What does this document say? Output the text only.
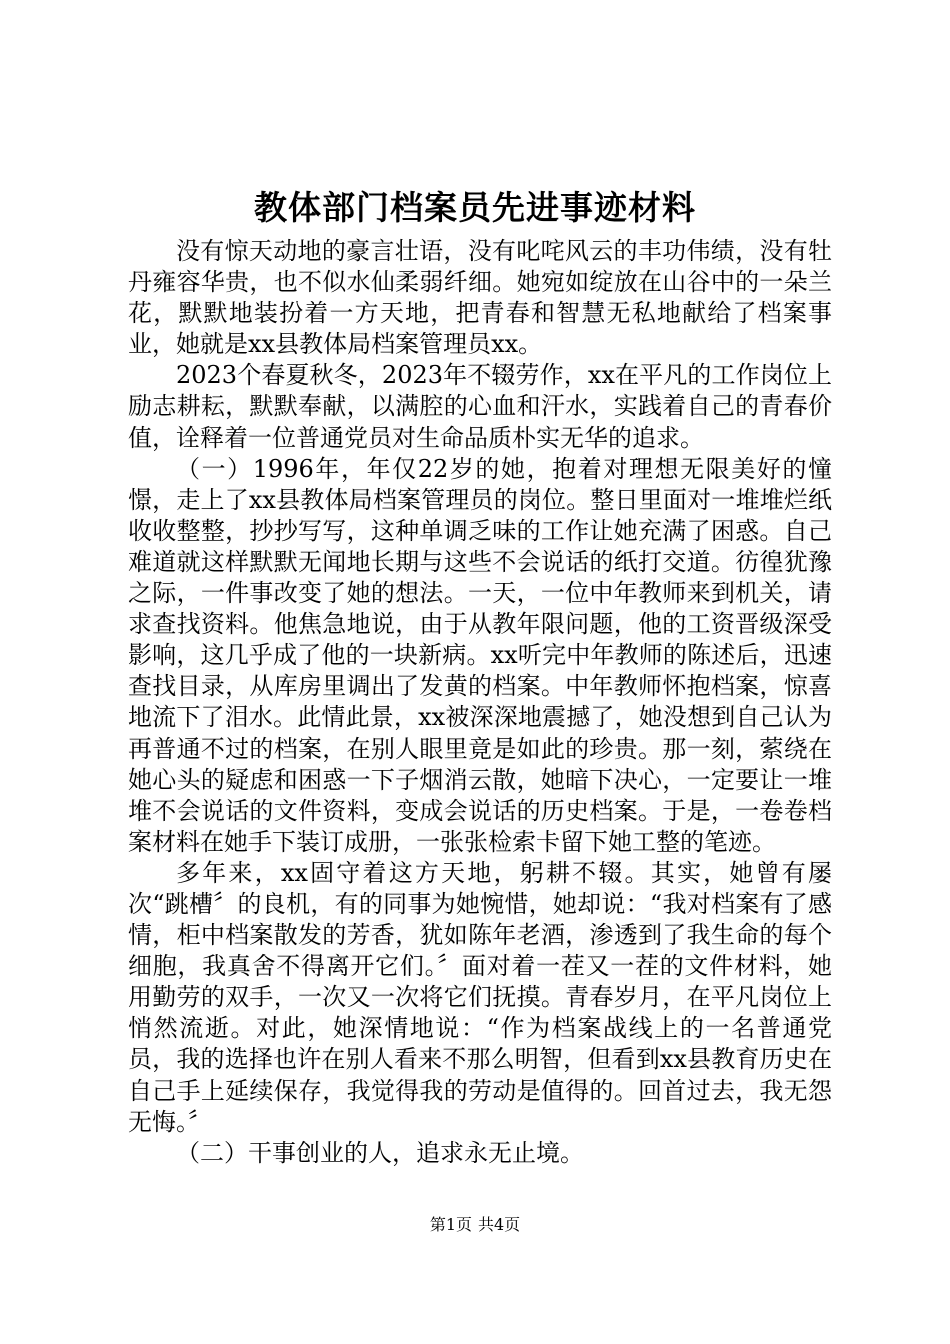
教体部门档案员先进事迹材料

没有惊天动地的豪言壮语，没有叱咤风云的丰功伟绩，没有牡丹雍容华贵，也不似水仙柔弱纤细。她宛如绽放在山谷中的一朵兰花，默默地装扮着一方天地，把青春和智慧无私地献给了档案事业，她就是xx县教体局档案管理员xx。

2023个春夏秋冬，2023年不辍劳作，xx在平凡的工作岗位上励志耕耘，默默奉献，以满腔的心血和汗水，实践着自己的青春价值，诠释着一位普通党员对生命品质朴实无华的追求。

（一）1996年，年仅22岁的她，抱着对理想无限美好的憧憬，走上了xx县教体局档案管理员的岗位。整日里面对一堆堆烂纸收收整整，抄抄写写，这种单调乏味的工作让她充满了困惑。自己难道就这样默默无闻地长期与这些不会说话的纸打交道。彷徨犹豫之际，一件事改变了她的想法。一天，一位中年教师来到机关，请求查找资料。他焦急地说，由于从教年限问题，他的工资晋级深受影响，这几乎成了他的一块新病。xx听完中年教师的陈述后，迅速查找目录，从库房里调出了发黄的档案。中年教师怀抱档案，惊喜地流下了泪水。此情此景，xx被深深地震撼了，她没想到自己认为再普通不过的档案，在别人眼里竟是如此的珍贵。那一刻，萦绕在她心头的疑虑和困惑一下子烟消云散，她暗下决心，一定要让一堆堆不会说话的文件资料，变成会说话的历史档案。于是，一卷卷档案材料在她手下装订成册，一张张检索卡留下她工整的笔迹。

多年来，xx固守着这方天地，躬耕不辍。其实，她曾有屡次“跳槽〞的良机，有的同事为她惋惜，她却说：“我对档案有了感情，柜中档案散发的芳香，犹如陈年老酒，渗透到了我生命的每个细胞，我真舍不得离开它们。〞面对着一茬又一茬的文件材料，她用勤劳的双手，一次又一次将它们抚摸。青春岁月，在平凡岗位上悄然流逝。对此，她深情地说：“作为档案战线上的一名普通党员，我的选择也许在别人看来不那么明智，但看到xx县教育历史在自己手上延续保存，我觉得我的劳动是值得的。回首过去，我无怨无悔。〞

（二）干事创业的人，追求永无止境。

第1页 共4页
